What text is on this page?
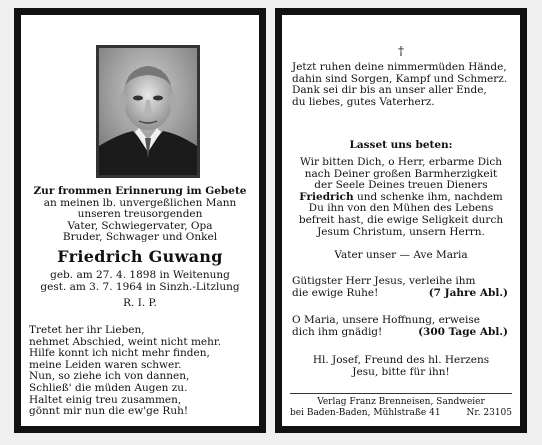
Zur frommen Erinnerung im Gebete
an meinen lb. unvergeßlichen Mann
unseren treusorgenden
Vater, Schwiegervater, Opa
Bruder, Schwager und Onkel
Friedrich Guwang
geb. am 27. 4. 1898 in Weitenung
gest. am 3. 7. 1964 in Sinzh.-Litzlung
R. I. P.
Tretet her ihr Lieben,
nehmet Abschied, weint nicht mehr.
Hilfe konnt ich nicht mehr finden,
meine Leiden waren schwer.
Nun, so ziehe ich von dannen,
Schließ' die müden Augen zu.
Haltet einig treu zusammen,
gönnt mir nun die ew'ge Ruh!
†
Jetzt ruhen deine nimmermüden Hände,
dahin sind Sorgen, Kampf und Schmerz.
Dank sei dir bis an unser aller Ende,
du liebes, gutes Vaterherz.
Lasset uns beten:
Wir bitten Dich, o Herr, erbarme Dich
nach Deiner großen Barmherzigkeit
der Seele Deines treuen Dieners
Friedrich und schenke ihm, nachdem
Du ihn von den Mühen des Lebens
befreit hast, die ewige Seligkeit durch
Jesum Christum, unsern Herrn.
Vater unser — Ave Maria
Gütigster Herr Jesus, verleihe ihm
die ewige Ruhe!	(7 Jahre Abl.)
O Maria, unsere Hoffnung, erweise
dich ihm gnädig!	(300 Tage Abl.)
Hl. Josef, Freund des hl. Herzens
Jesu, bitte für ihn!
Verlag Franz Brenneisen, Sandweier
bei Baden-Baden, Mühlstraße 41	Nr. 23105
